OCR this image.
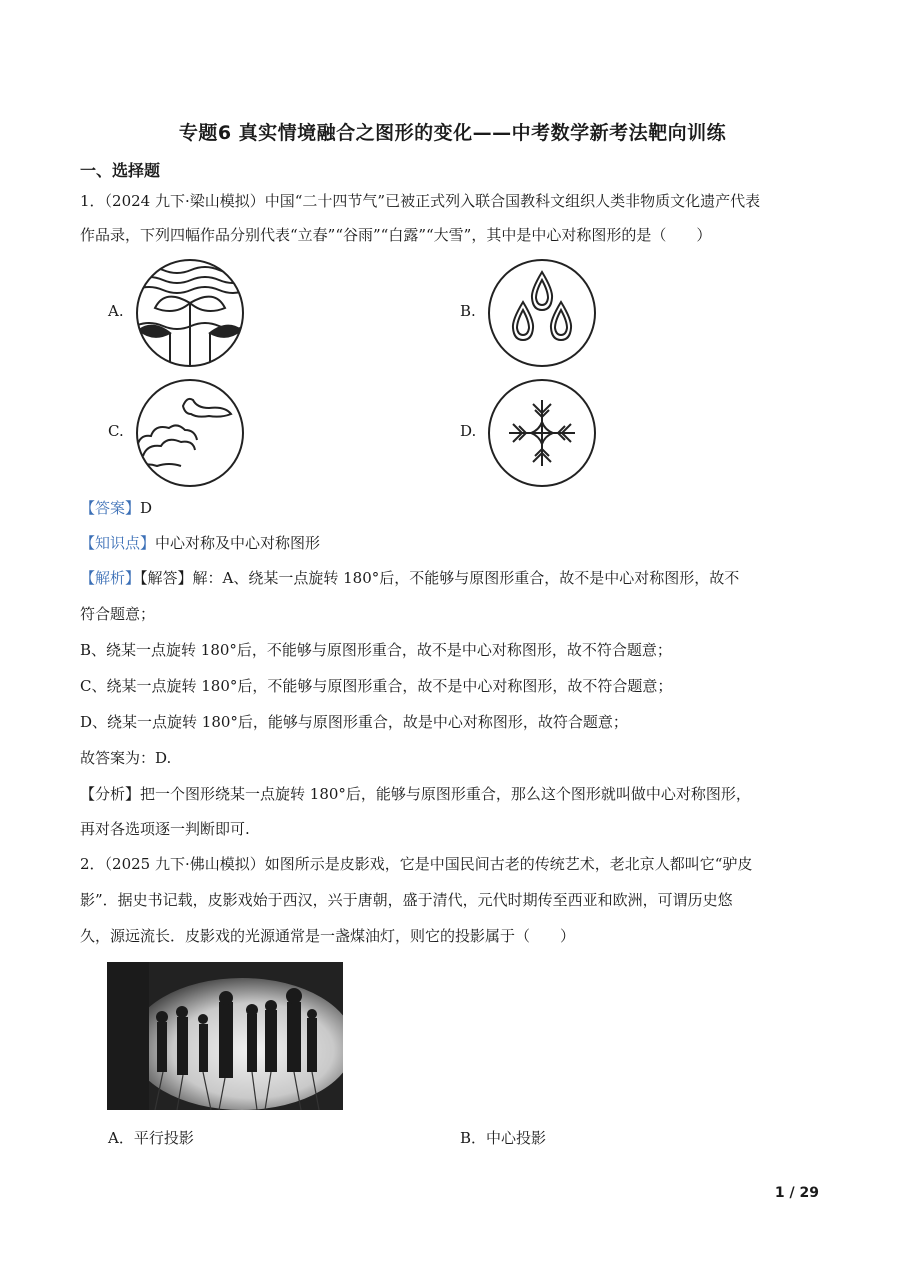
专题6 真实情境融合之图形的变化——中考数学新考法靶向训练
一、选择题
1．（2024 九下·梁山模拟）中国“二十四节气”已被正式列入联合国教科文组织人类非物质文化遗产代表
作品录，下列四幅作品分别代表“立春”“谷雨”“白露”“大雪”，其中是中心对称图形的是（　　）
A.	B.
C.	D.
【答案】D
【知识点】中心对称及中心对称图形
【解析】【解答】解：A、绕某一点旋转 180°后，不能够与原图形重合，故不是中心对称图形，故不
符合题意；
B、绕某一点旋转 180°后，不能够与原图形重合，故不是中心对称图形，故不符合题意；
C、绕某一点旋转 180°后，不能够与原图形重合，故不是中心对称图形，故不符合题意；
D、绕某一点旋转 180°后，能够与原图形重合，故是中心对称图形，故符合题意；
故答案为：D.
【分析】把一个图形绕某一点旋转 180°后，能够与原图形重合，那么这个图形就叫做中心对称图形，
再对各选项逐一判断即可.
2．（2025 九下·佛山模拟）如图所示是皮影戏，它是中国民间古老的传统艺术，老北京人都叫它“驴皮
影”．据史书记载，皮影戏始于西汉，兴于唐朝，盛于清代，元代时期传至西亚和欧洲，可谓历史悠
久，源远流长．皮影戏的光源通常是一盏煤油灯，则它的投影属于（　　）
A．平行投影	B．中心投影
1 / 29
